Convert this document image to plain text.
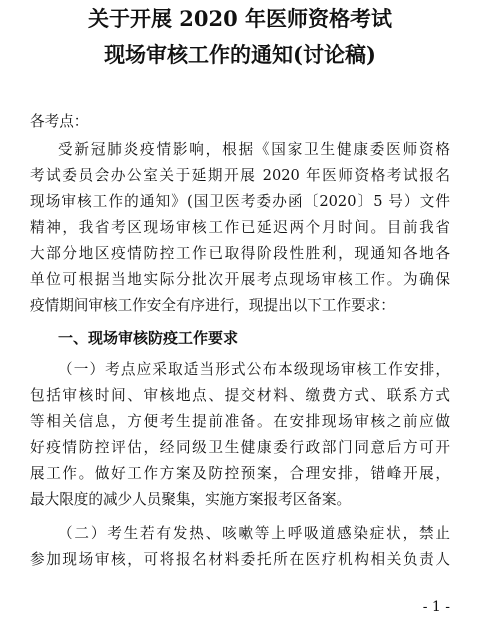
关于开展 2020 年医师资格考试
现场审核工作的通知(讨论稿)
各考点：
受新冠肺炎疫情影响，根据《国家卫生健康委医师资格
考试委员会办公室关于延期开展 2020 年医师资格考试报名
现场审核工作的通知》(国卫医考委办函〔2020〕5 号）文件
精神，我省考区现场审核工作已延迟两个月时间。目前我省
大部分地区疫情防控工作已取得阶段性胜利，现通知各地各
单位可根据当地实际分批次开展考点现场审核工作。为确保
疫情期间审核工作安全有序进行，现提出以下工作要求：
一、现场审核防疫工作要求
（一）考点应采取适当形式公布本级现场审核工作安排，
包括审核时间、审核地点、提交材料、缴费方式、联系方式
等相关信息，方便考生提前准备。在安排现场审核之前应做
好疫情防控评估，经同级卫生健康委行政部门同意后方可开
展工作。做好工作方案及防控预案，合理安排，错峰开展，
最大限度的减少人员聚集，实施方案报考区备案。
（二）考生若有发热、咳嗽等上呼吸道感染症状，禁止
参加现场审核，可将报名材料委托所在医疗机构相关负责人
- 1 -
